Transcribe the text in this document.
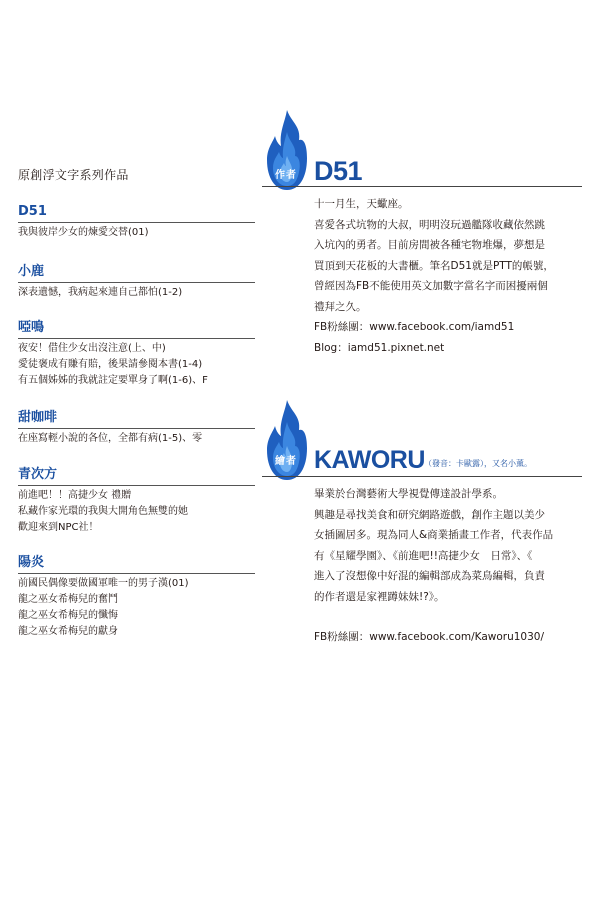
原創浮文字系列作品
D51
我與彼岸少女的煉愛交替(01)
小鹿
深表遺憾，我病起來連自己都怕(1-2)
啞鳴
夜安！借住少女出沒注意(上、中)
愛徒褒成有賺有賠，後果請參閱本書(1-4)
有五個姊姊的我就註定要單身了啊(1-6)、F
甜咖啡
在座寫輕小說的各位，全都有病(1-5)、零
青次方
前進吧！！高捷少女 禮贈
私藏作家光環的我與大開角色無雙的她
歡迎來到NPC社！
陽炎
前國民偶像要做國軍唯一的男子漢(01)
龍之巫女希梅兒的奮鬥
龍之巫女希梅兒的懺悔
龍之巫女希梅兒的獻身
作者 D51
十一月生，天蠍座。
喜愛各式坑物的大叔，明明沒玩過艦隊收藏依然跳
入坑內的勇者。目前房間被各種宅物堆爆，夢想是
買頂到天花板的大書櫃。筆名D51就是PTT的帳號，
曾經因為FB不能使用英文加數字當名字而困擾兩個
禮拜之久。
FB粉絲團：www.facebook.com/iamd51
Blog：iamd51.pixnet.net
繪者 KAWORU （發音：卡歐露），又名小薰。
畢業於台灣藝術大學視覺傳達設計學系。
興趣是尋找美食和研究網路遊戲，創作主題以美少
女插圖居多。現為同人&商業插畫工作者，代表作品
有《星耀學園》、《前進吧!!高捷少女　日常》、《
進入了沒想像中好混的編輯部成為菜鳥編輯，負責
的作者還是家裡蹲妹妹!?》。
FB粉絲團：www.facebook.com/Kaworu1030/
